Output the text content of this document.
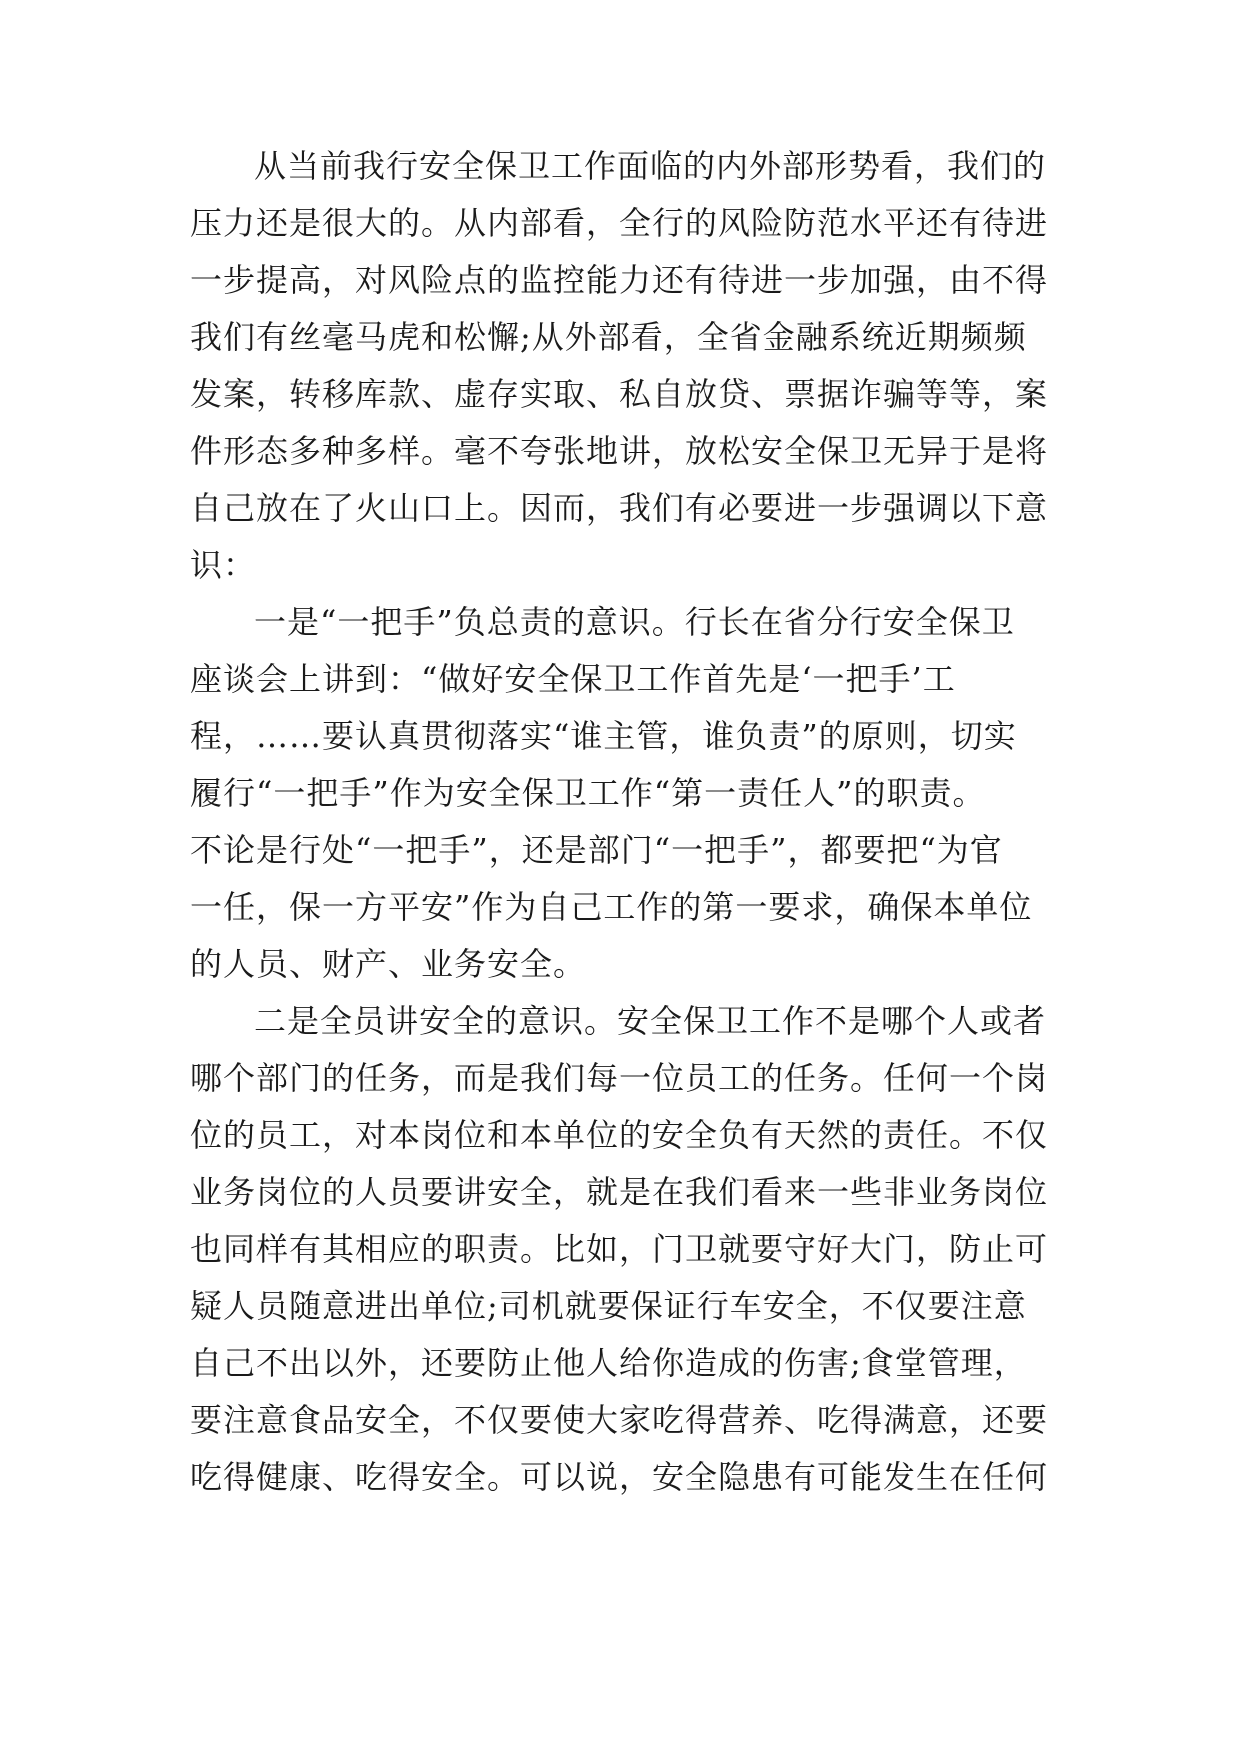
从当前我行安全保卫工作面临的内外部形势看，我们的
压力还是很大的。从内部看，全行的风险防范水平还有待进
一步提高，对风险点的监控能力还有待进一步加强，由不得
我们有丝毫马虎和松懈;从外部看，全省金融系统近期频频
发案，转移库款、虚存实取、私自放贷、票据诈骗等等，案
件形态多种多样。毫不夸张地讲，放松安全保卫无异于是将
自己放在了火山口上。因而，我们有必要进一步强调以下意
识：
一是“一把手”负总责的意识。行长在省分行安全保卫
座谈会上讲到：“做好安全保卫工作首先是‘一把手’工
程，……要认真贯彻落实“谁主管，谁负责”的原则，切实
履行“一把手”作为安全保卫工作“第一责任人”的职责。
不论是行处“一把手”，还是部门“一把手”，都要把“为官
一任，保一方平安”作为自己工作的第一要求，确保本单位
的人员、财产、业务安全。
二是全员讲安全的意识。安全保卫工作不是哪个人或者
哪个部门的任务，而是我们每一位员工的任务。任何一个岗
位的员工，对本岗位和本单位的安全负有天然的责任。不仅
业务岗位的人员要讲安全，就是在我们看来一些非业务岗位
也同样有其相应的职责。比如，门卫就要守好大门，防止可
疑人员随意进出单位;司机就要保证行车安全，不仅要注意
自己不出以外，还要防止他人给你造成的伤害;食堂管理，
要注意食品安全，不仅要使大家吃得营养、吃得满意，还要
吃得健康、吃得安全。可以说，安全隐患有可能发生在任何
